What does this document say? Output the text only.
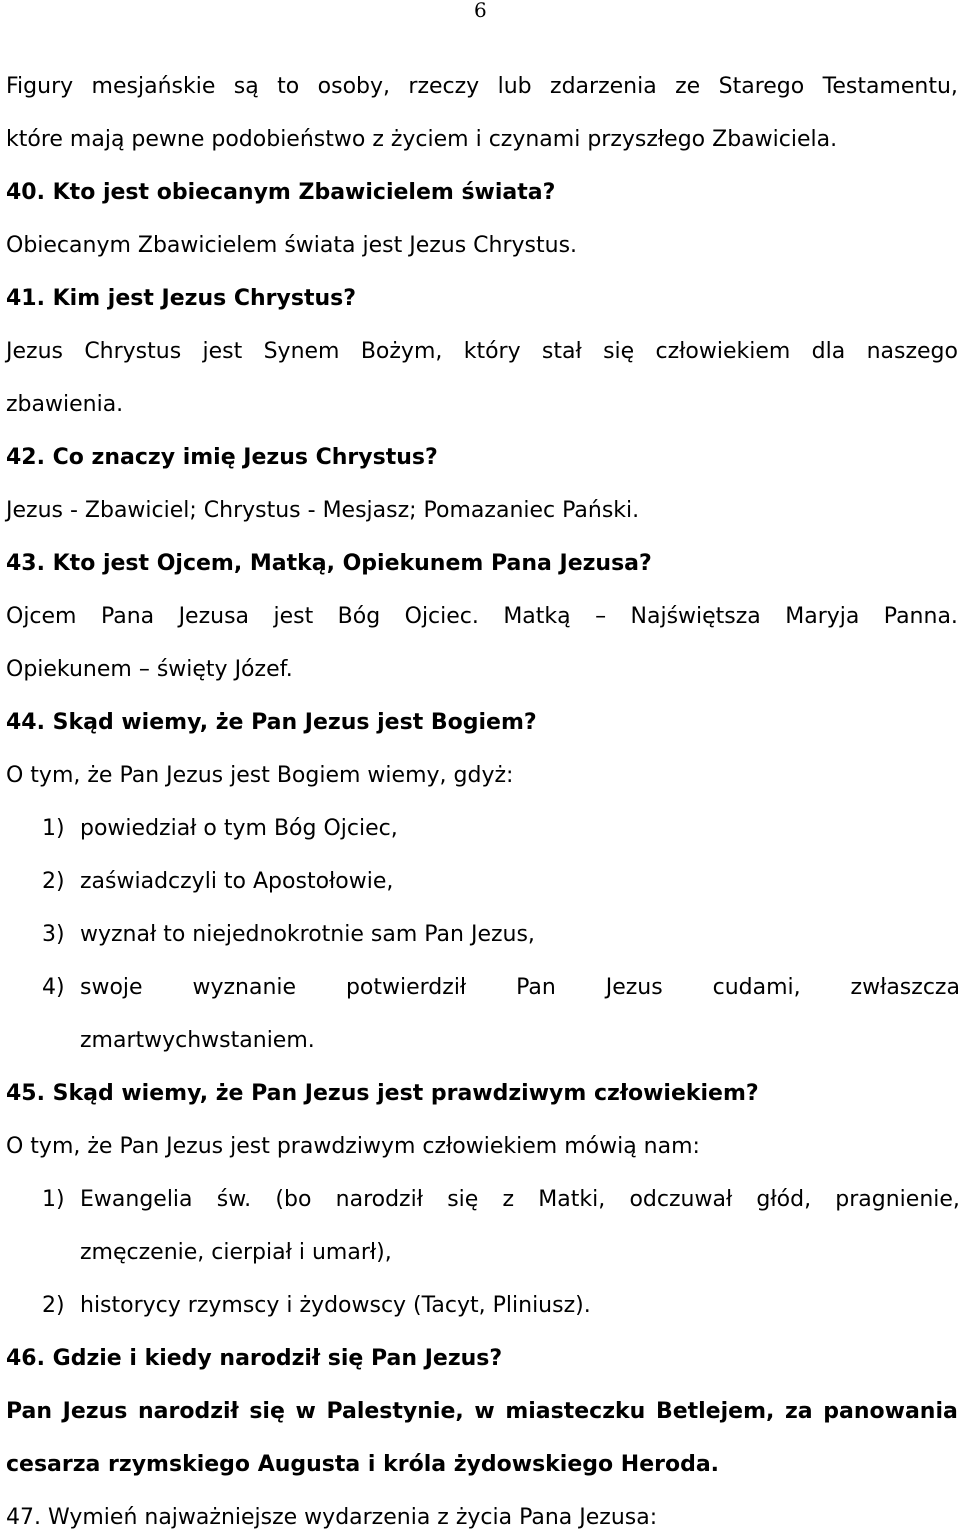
6
Figury mesjańskie są to osoby, rzeczy lub zdarzenia ze Starego Testamentu,
które mają pewne podobieństwo z życiem i czynami przyszłego Zbawiciela.
40. Kto jest obiecanym Zbawicielem świata?
Obiecanym Zbawicielem świata jest Jezus Chrystus.
41. Kim jest Jezus Chrystus?
Jezus Chrystus jest Synem Bożym, który stał się człowiekiem dla naszego
zbawienia.
42. Co znaczy imię Jezus Chrystus?
Jezus - Zbawiciel; Chrystus - Mesjasz; Pomazaniec Pański.
43. Kto jest Ojcem, Matką, Opiekunem Pana Jezusa?
Ojcem Pana Jezusa jest Bóg Ojciec. Matką – Najświętsza Maryja Panna.
Opiekunem – święty Józef.
44. Skąd wiemy, że Pan Jezus jest Bogiem?
O tym, że Pan Jezus jest Bogiem wiemy, gdyż:
1) powiedział o tym Bóg Ojciec,
2) zaświadczyli to Apostołowie,
3) wyznał to niejednokrotnie sam Pan Jezus,
4) swoje wyznanie potwierdził Pan Jezus cudami, zwłaszcza
zmartwychwstaniem.
45. Skąd wiemy, że Pan Jezus jest prawdziwym człowiekiem?
O tym, że Pan Jezus jest prawdziwym człowiekiem mówią nam:
1) Ewangelia św. (bo narodził się z Matki, odczuwał głód, pragnienie,
zmęczenie, cierpiał i umarł),
2) historycy rzymscy i żydowscy (Tacyt, Pliniusz).
46. Gdzie i kiedy narodził się Pan Jezus?
Pan Jezus narodził się w Palestynie, w miasteczku Betlejem, za panowania
cesarza rzymskiego Augusta i króla żydowskiego Heroda.
47. Wymień najważniejsze wydarzenia z życia Pana Jezusa:
